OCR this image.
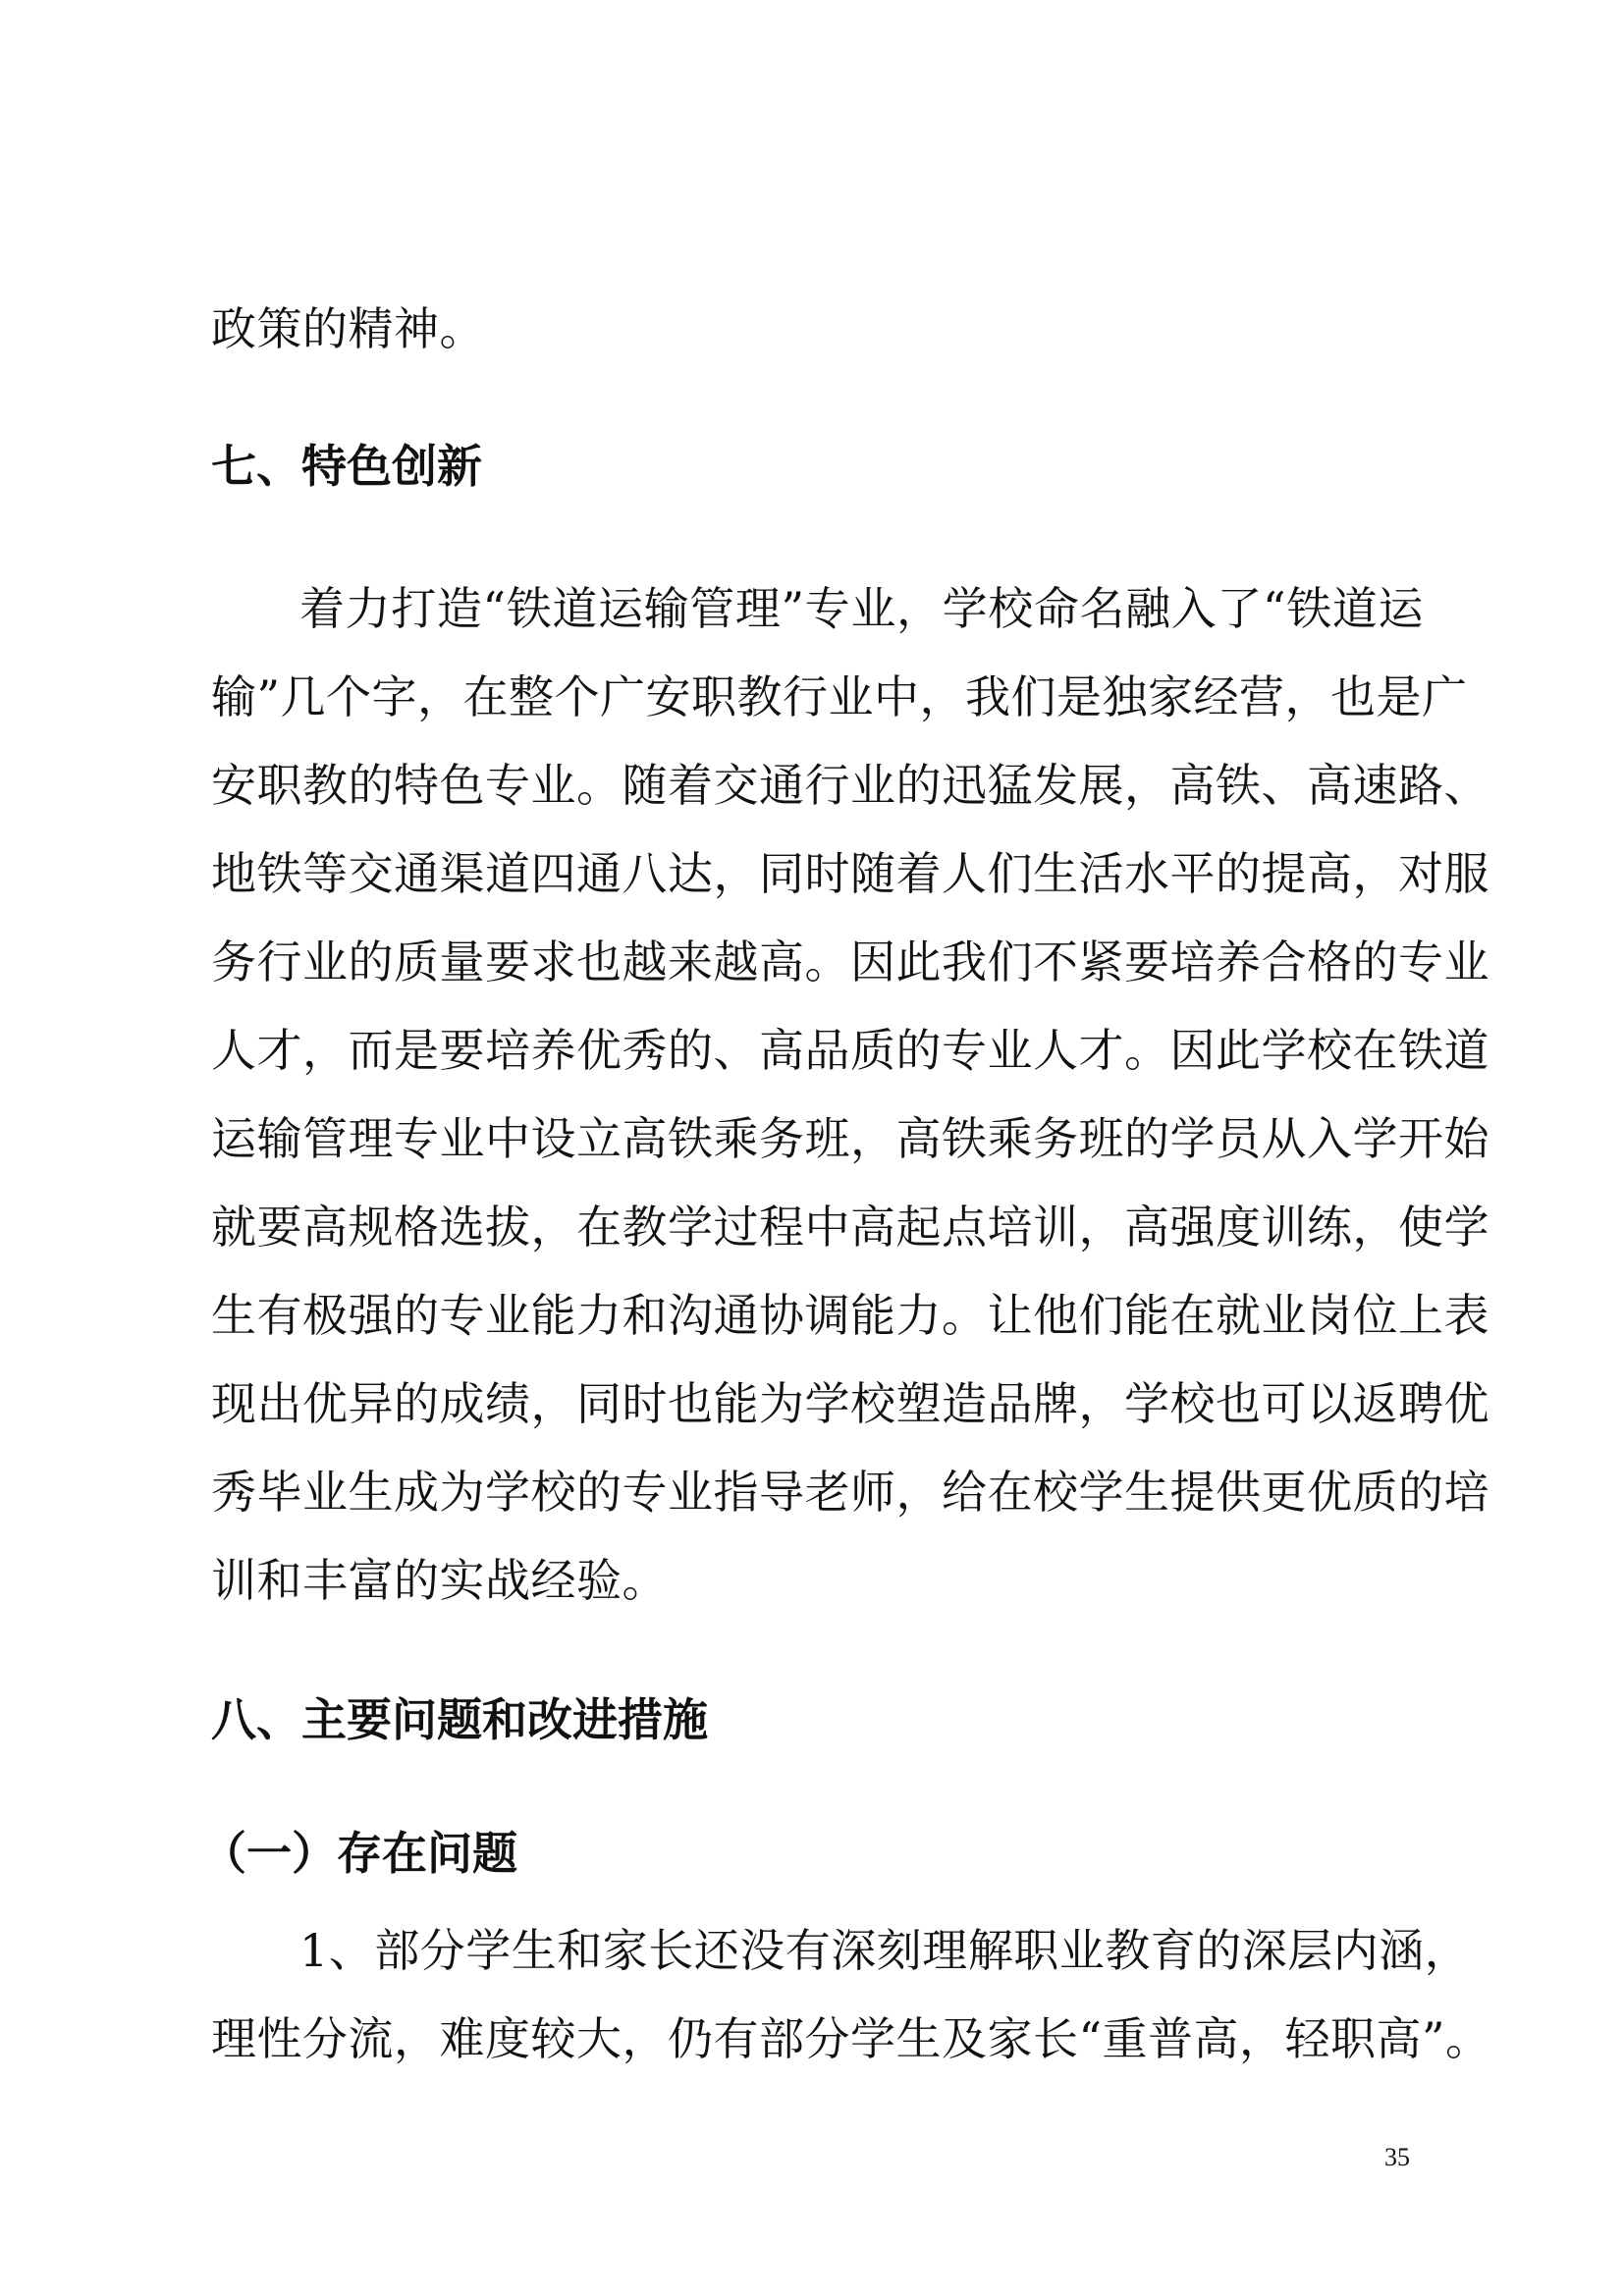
政策的精神。
七、特色创新
着力打造“铁道运输管理”专业，学校命名融入了“铁道运
输”几个字，在整个广安职教行业中，我们是独家经营，也是广
安职教的特色专业。随着交通行业的迅猛发展，高铁、高速路、
地铁等交通渠道四通八达，同时随着人们生活水平的提高，对服
务行业的质量要求也越来越高。因此我们不紧要培养合格的专业
人才，而是要培养优秀的、高品质的专业人才。因此学校在铁道
运输管理专业中设立高铁乘务班，高铁乘务班的学员从入学开始
就要高规格选拔，在教学过程中高起点培训，高强度训练，使学
生有极强的专业能力和沟通协调能力。让他们能在就业岗位上表
现出优异的成绩，同时也能为学校塑造品牌，学校也可以返聘优
秀毕业生成为学校的专业指导老师，给在校学生提供更优质的培
训和丰富的实战经验。
八、主要问题和改进措施
（一）存在问题
1、部分学生和家长还没有深刻理解职业教育的深层内涵，
理性分流，难度较大，仍有部分学生及家长“重普高，轻职高”。
35
